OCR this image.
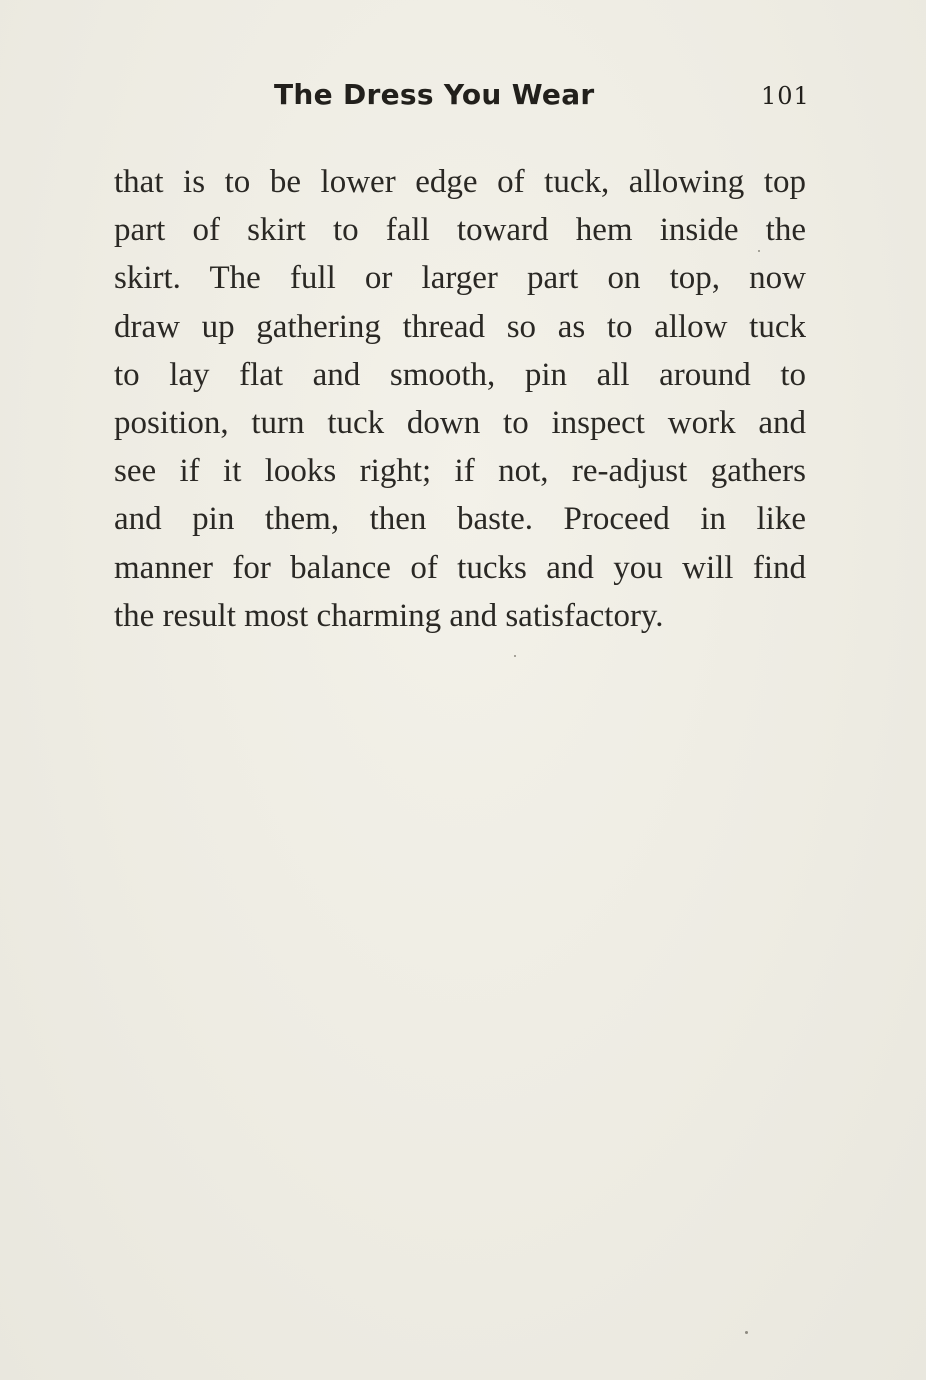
The Dress You Wear	101
that is to be lower edge of tuck, allowing top
part of skirt to fall toward hem inside the
skirt. The full or larger part on top, now
draw up gathering thread so as to allow tuck
to lay flat and smooth, pin all around to
position, turn tuck down to inspect work and
see if it looks right; if not, re-adjust gathers
and pin them, then baste. Proceed in like
manner for balance of tucks and you will find
the result most charming and satisfactory.
